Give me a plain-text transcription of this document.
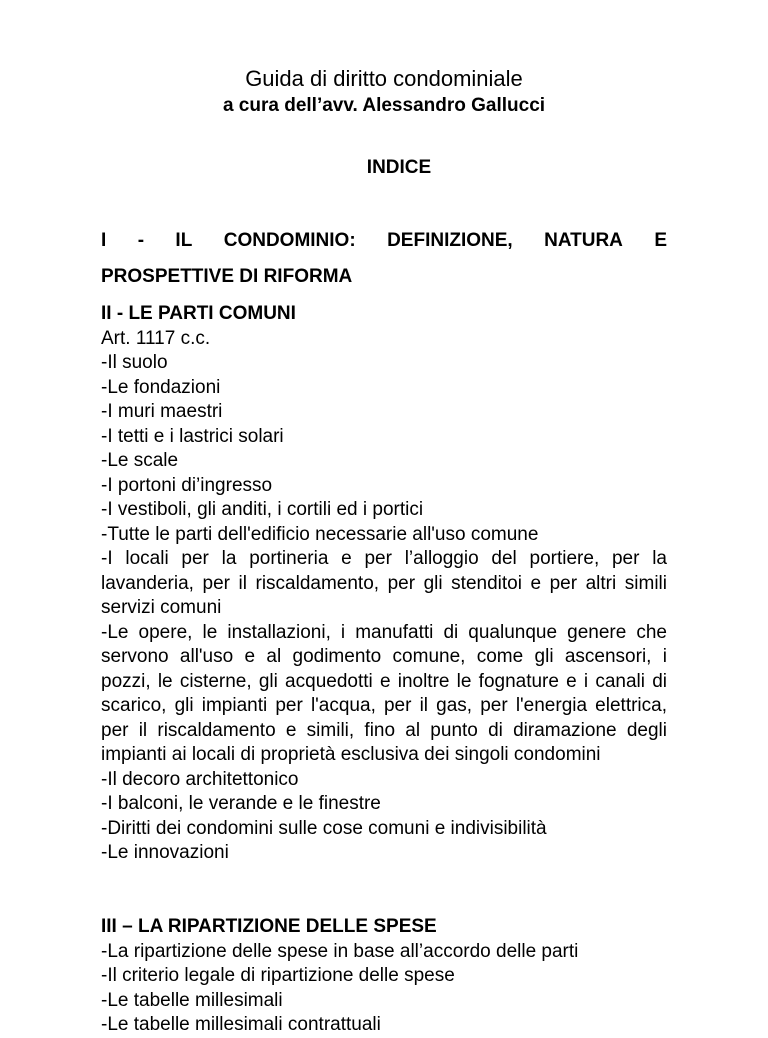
Guida di diritto condominiale
a cura dell’avv. Alessandro Gallucci
INDICE
I - IL CONDOMINIO: DEFINIZIONE, NATURA E
PROSPETTIVE DI RIFORMA
II - LE PARTI COMUNI
Art. 1117 c.c.
-Il suolo
-Le fondazioni
-I muri maestri
-I tetti e i lastrici solari
-Le scale
-I portoni di’ingresso
-I vestiboli, gli anditi, i cortili ed i portici
-Tutte le parti dell'edificio necessarie all'uso comune
-I locali per la portineria e per l’alloggio del portiere, per la lavanderia, per il riscaldamento, per gli stenditoi e per altri simili servizi comuni
-Le opere, le installazioni, i manufatti di qualunque genere che servono all'uso e al godimento comune, come gli ascensori, i pozzi, le cisterne, gli acquedotti e inoltre le fognature e i canali di scarico, gli impianti per l'acqua, per il gas, per l'energia elettrica, per il riscaldamento e simili, fino al punto di diramazione degli impianti ai locali di proprietà esclusiva dei singoli condomini
-Il decoro architettonico
-I balconi, le verande e le finestre
-Diritti dei condomini sulle cose comuni e indivisibilità
-Le innovazioni
III – LA RIPARTIZIONE DELLE SPESE
-La ripartizione delle spese in base all’accordo delle parti
-Il criterio legale di ripartizione delle spese
-Le tabelle millesimali
-Le tabelle millesimali contrattuali
